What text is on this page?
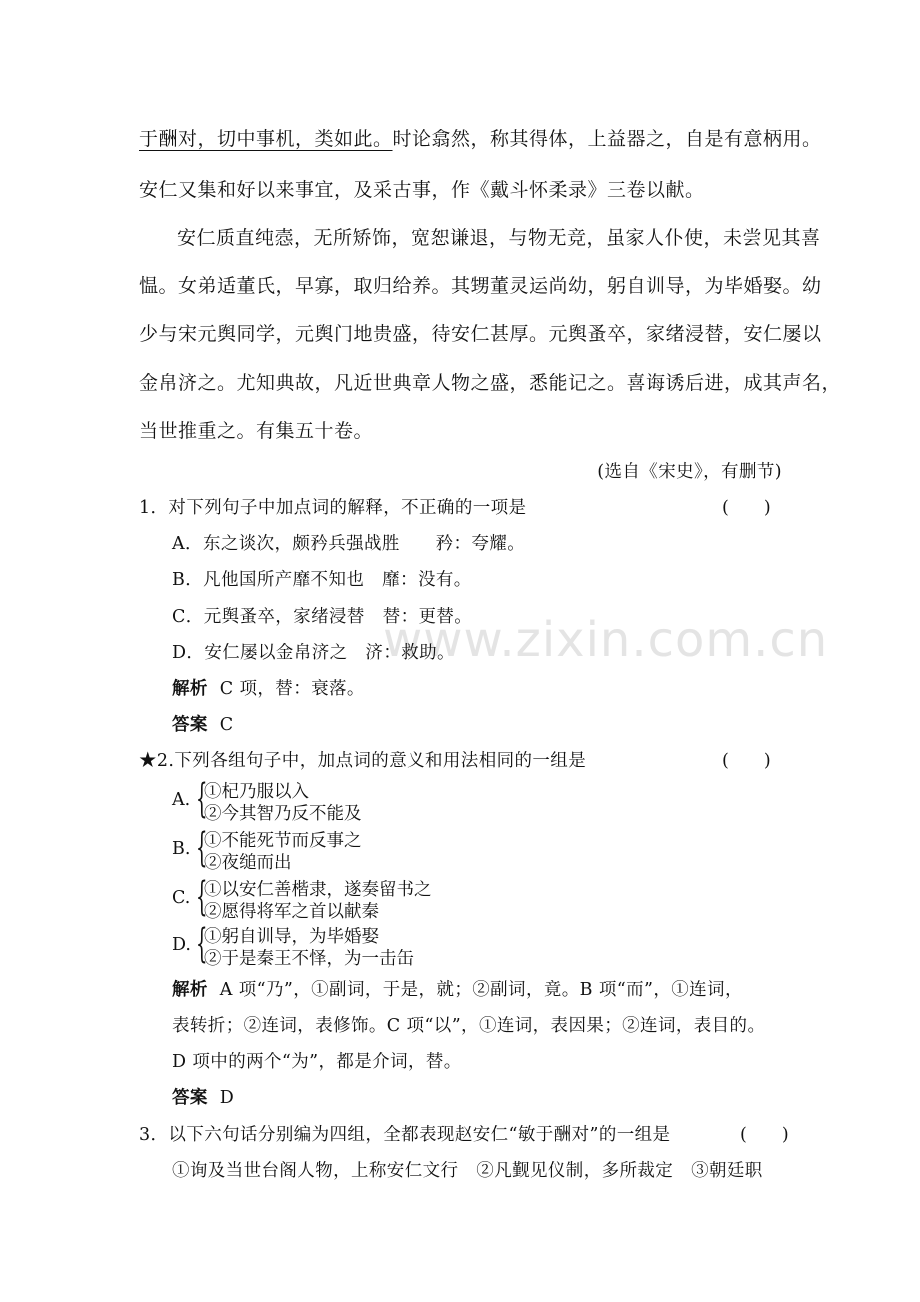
www.zixin.com.cn
于酬对，切中事机，类如此。时论翕然，称其得体，上益器之，自是有意柄用。
安仁又集和好以来事宜，及采古事，作《戴斗怀柔录》三卷以献。
安仁质直纯悫，无所矫饰，宽恕谦退，与物无竞，虽家人仆使，未尝见其喜
愠。女弟适董氏，早寡，取归给养。其甥董灵运尚幼，躬自训导，为毕婚娶。幼
少与宋元舆同学，元舆门地贵盛，待安仁甚厚。元舆蚤卒，家绪浸替，安仁屡以
金帛济之。尤知典故，凡近世典章人物之盛，悉能记之。喜诲诱后进，成其声名，
当世推重之。有集五十卷。
(选自《宋史》，有删节)
1．对下列句子中加点词的解释，不正确的一项是	(　　)
A．东之谈次，颇矜兵强战胜　　矜：夸耀。
B．凡他国所产靡不知也　靡：没有。
C．元舆蚤卒，家绪浸替　替：更替。
D．安仁屡以金帛济之　济：救助。
解析 C 项，替：衰落。
答案 C
★2.下列各组句子中，加点词的意义和用法相同的一组是	(　　)
A. {
①杞乃服以入
②今其智乃反不能及
B. {
①不能死节而反事之
②夜缒而出
C. {
①以安仁善楷隶，遂奏留书之
②愿得将军之首以献秦
D. {
①躬自训导，为毕婚娶
②于是秦王不怿，为一击缶
解析 A 项“乃”，①副词，于是，就；②副词，竟。B 项“而”，①连词，
表转折；②连词，表修饰。C 项“以”，①连词，表因果；②连词，表目的。
D 项中的两个“为”，都是介词，替。
答案 D
3．以下六句话分别编为四组，全都表现赵安仁“敏于酬对”的一组是	(　　)
①询及当世台阁人物，上称安仁文行　②凡觐见仪制，多所裁定　③朝廷职
